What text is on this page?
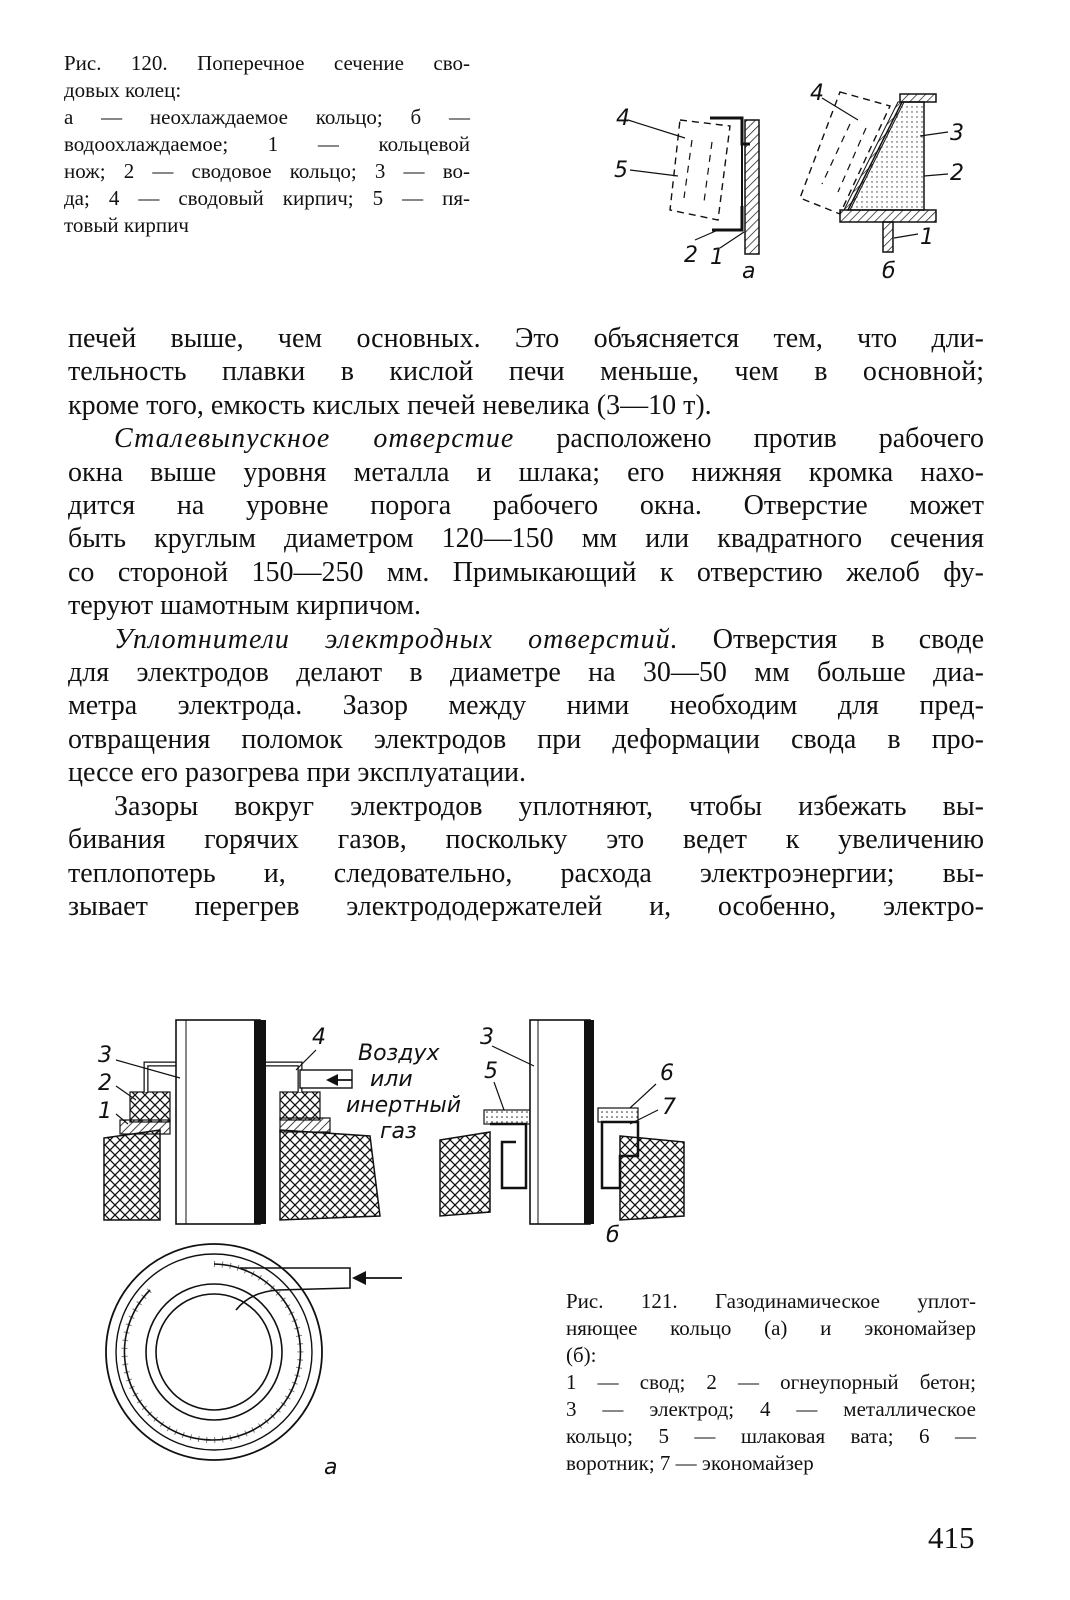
Рис. 120. Поперечное сечение сво-
довых колец:
а — неохлаждаемое кольцо; б —
водоохлаждаемое; 1 — кольцевой
нож; 2 — сводовое кольцо; 3 — во-
да; 4 — сводовый кирпич; 5 — пя-
товый кирпич
4
5
2 1
а
4
3
2
1
б
печей выше, чем основных. Это объясняется тем, что дли-
тельность плавки в кислой печи меньше, чем в основной;
кроме того, емкость кислых печей невелика (3—10 т).
Сталевыпускное отверстие расположено против рабочего
окна выше уровня металла и шлака; его нижняя кромка нахо-
дится на уровне порога рабочего окна. Отверстие может
быть круглым диаметром 120—150 мм или квадратного сечения
со стороной 150—250 мм. Примыкающий к отверстию желоб фу-
теруют шамотным кирпичом.
Уплотнители электродных отверстий. Отверстия в своде
для электродов делают в диаметре на 30—50 мм больше диа-
метра электрода. Зазор между ними необходим для пред-
отвращения поломок электродов при деформации свода в про-
цессе его разогрева при эксплуатации.
Зазоры вокруг электродов уплотняют, чтобы избежать вы-
бивания горячих газов, поскольку это ведет к увеличению
теплопотерь и, следовательно, расхода электроэнергии; вы-
зывает перегрев электрододержателей и, особенно, электро-
3
2
1
4
Воздух
или
инертный
газ
а
3
5	6
7
б
Рис. 121. Газодинамическое уплот-
няющее кольцо (а) и экономайзер
(б):
1 — свод; 2 — огнеупорный бетон;
3 — электрод; 4 — металлическое
кольцо; 5 — шлаковая вата; 6 —
воротник; 7 — экономайзер
415
